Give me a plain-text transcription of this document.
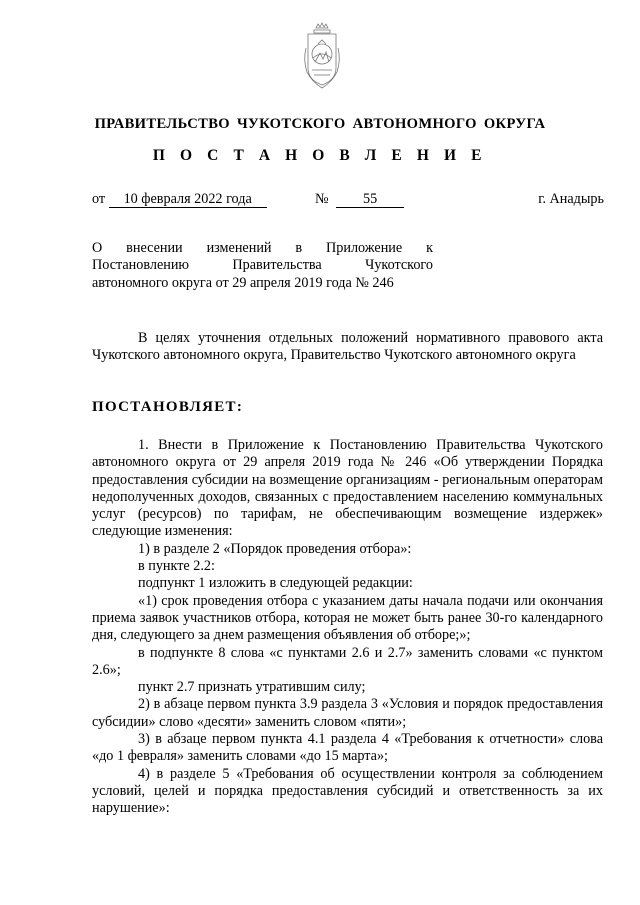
ПРАВИТЕЛЬСТВО ЧУКОТСКОГО АВТОНОМНОГО ОКРУГА
П О С Т А Н О В Л Е Н И Е
от 10 февраля 2022 года	№ 55	г. Анадырь
О внесении изменений в Приложение к
Постановлению Правительства Чукотского
автономного округа от 29 апреля 2019 года № 246

В целях уточнения отдельных положений нормативного правового акта Чукотского автономного округа, Правительство Чукотского автономного округа

ПОСТАНОВЛЯЕТ:

1. Внести в Приложение к Постановлению Правительства Чукотского автономного округа от 29 апреля 2019 года № 246 «Об утверждении Порядка предоставления субсидии на возмещение организациям - региональным операторам недополученных доходов, связанных с предоставлением населению коммунальных услуг (ресурсов) по тарифам, не обеспечивающим возмещение издержек» следующие изменения:

1) в разделе 2 «Порядок проведения отбора»:

в пункте 2.2:

подпункт 1 изложить в следующей редакции:

«1) срок проведения отбора с указанием даты начала подачи или окончания приема заявок участников отбора, которая не может быть ранее 30-го календарного дня, следующего за днем размещения объявления об отборе;»;

в подпункте 8 слова «с пунктами 2.6 и 2.7» заменить словами «с пунктом 2.6»;

пункт 2.7 признать утратившим силу;

2) в абзаце первом пункта 3.9 раздела 3 «Условия и порядок предоставления субсидии» слово «десяти» заменить словом «пяти»;

3) в абзаце первом пункта 4.1 раздела 4 «Требования к отчетности» слова «до 1 февраля» заменить словами «до 15 марта»;

4) в разделе 5 «Требования об осуществлении контроля за соблюдением условий, целей и порядка предоставления субсидий и ответственность за их нарушение»:
